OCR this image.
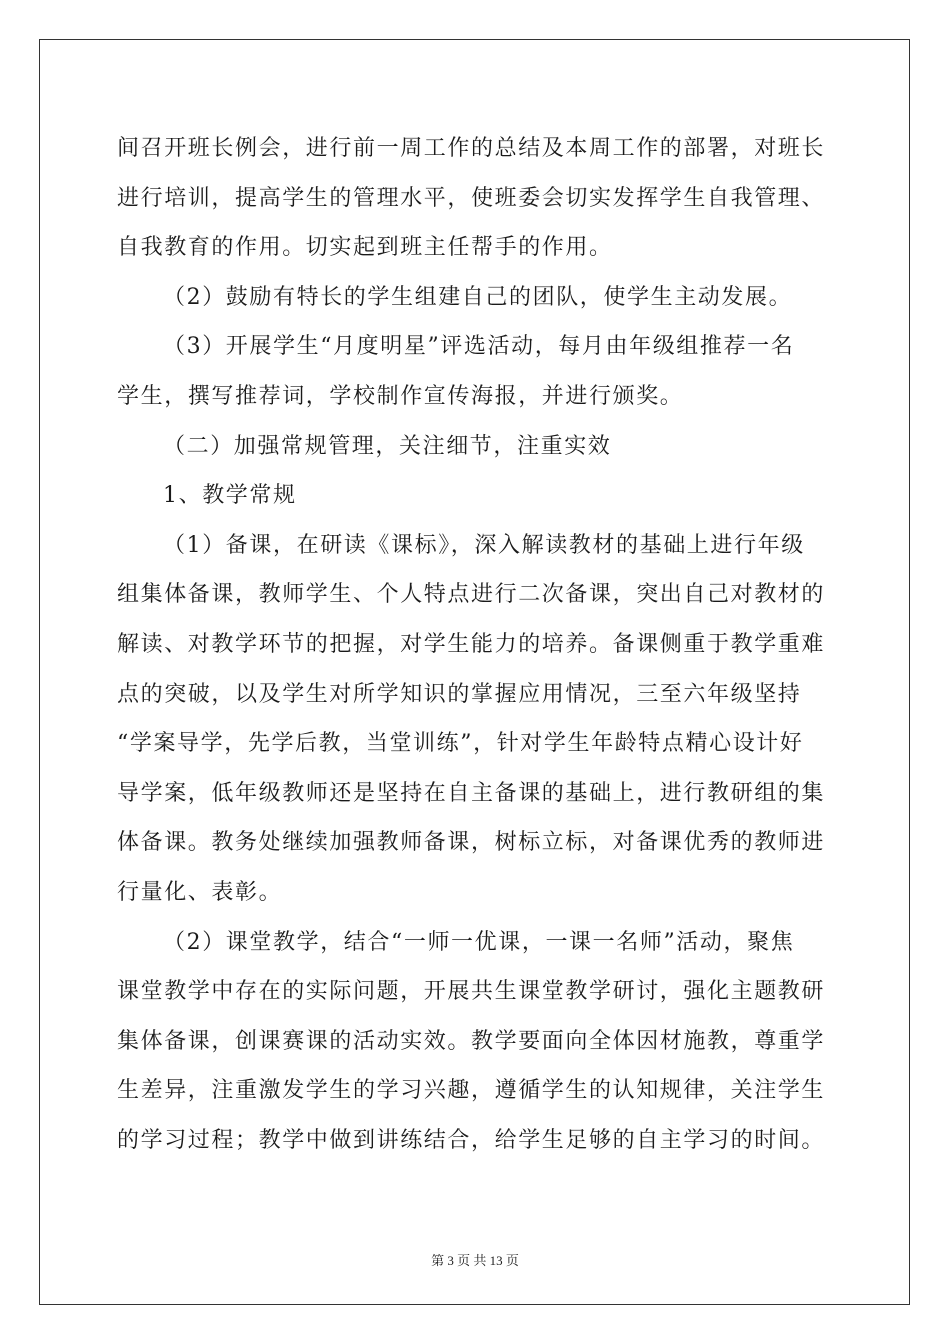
间召开班长例会，进行前一周工作的总结及本周工作的部署，对班长
进行培训，提高学生的管理水平，使班委会切实发挥学生自我管理、
自我教育的作用。切实起到班主任帮手的作用。
（2）鼓励有特长的学生组建自己的团队，使学生主动发展。
（3）开展学生“月度明星”评选活动，每月由年级组推荐一名
学生，撰写推荐词，学校制作宣传海报，并进行颁奖。
（二）加强常规管理，关注细节，注重实效
1、教学常规
（1）备课，在研读《课标》，深入解读教材的基础上进行年级
组集体备课，教师学生、个人特点进行二次备课，突出自己对教材的
解读、对教学环节的把握，对学生能力的培养。备课侧重于教学重难
点的突破，以及学生对所学知识的掌握应用情况，三至六年级坚持
“学案导学，先学后教，当堂训练”，针对学生年龄特点精心设计好
导学案，低年级教师还是坚持在自主备课的基础上，进行教研组的集
体备课。教务处继续加强教师备课，树标立标，对备课优秀的教师进
行量化、表彰。
（2）课堂教学，结合“一师一优课，一课一名师”活动，聚焦
课堂教学中存在的实际问题，开展共生课堂教学研讨，强化主题教研
集体备课，创课赛课的活动实效。教学要面向全体因材施教，尊重学
生差异，注重激发学生的学习兴趣，遵循学生的认知规律，关注学生
的学习过程；教学中做到讲练结合，给学生足够的自主学习的时间。
第 3 页 共 13 页
